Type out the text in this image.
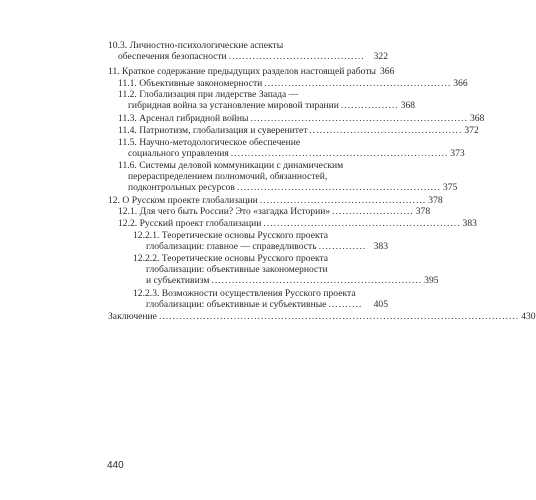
10.3. Личностно-психологические аспекты
обеспечения безопасности ........................................ 322
11. Краткое содержание предыдущих разделов настоящей работы 366
11.1. Объективные закономерности ....................................................... 366
11.2. Глобализация при лидерстве Запада —
гибридная война за установление мировой тирании ................. 368
11.3. Арсенал гибридной войны ................................................................ 368
11.4. Патриотизм, глобализация и суверенитет ............................................. 372
11.5. Научно-методологическое обеспечение
социального управления ................................................................ 373
11.6. Системы деловой коммуникации с динамическим
перераспределением полномочий, обязанностей,
подконтрольных ресурсов ............................................................ 375
12. О Русском проекте глобализации ................................................. 378
12.1. Для чего быть России? Это «загадка Истории» ........................ 378
12.2. Русский проект глобализации .......................................................... 383
12.2.1. Теоретические основы Русского проекта
глобализации: главное — справедливость .............. 383
12.2.2. Теоретические основы Русского проекта
глобализации: объективные закономерности
и субъективизм .............................................................. 395
12.2.3. Возможности осуществления Русского проекта
глобализации: объективные и субъективные ..........	405
Заключение .......................................................................................................... 430
440
